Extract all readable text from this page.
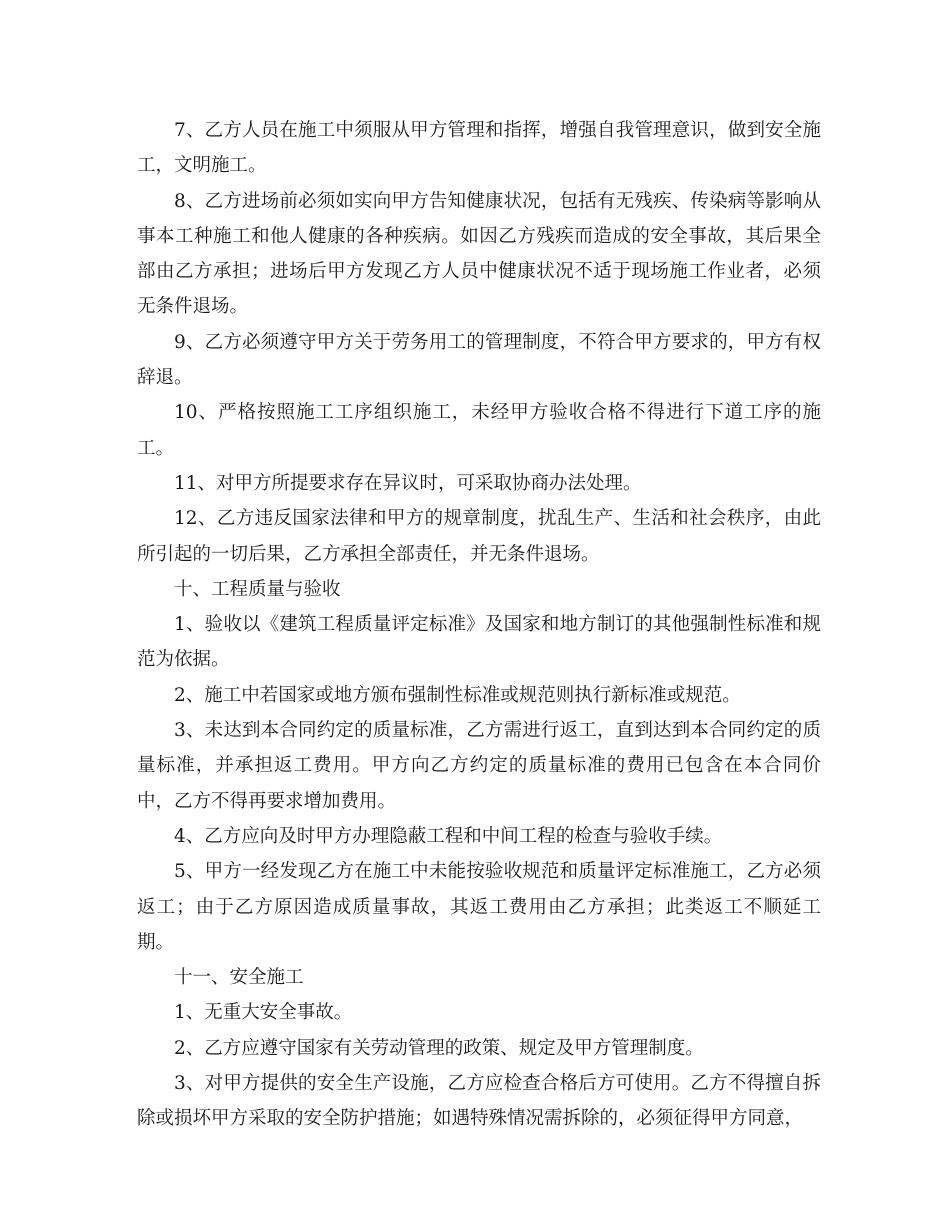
7、乙方人员在施工中须服从甲方管理和指挥，增强自我管理意识，做到安全施工，文明施工。

8、乙方进场前必须如实向甲方告知健康状况，包括有无残疾、传染病等影响从事本工种施工和他人健康的各种疾病。如因乙方残疾而造成的安全事故，其后果全部由乙方承担；进场后甲方发现乙方人员中健康状况不适于现场施工作业者，必须无条件退场。

9、乙方必须遵守甲方关于劳务用工的管理制度，不符合甲方要求的，甲方有权辞退。

10、严格按照施工工序组织施工，未经甲方验收合格不得进行下道工序的施工。

11、对甲方所提要求存在异议时，可采取协商办法处理。

12、乙方违反国家法律和甲方的规章制度，扰乱生产、生活和社会秩序，由此所引起的一切后果，乙方承担全部责任，并无条件退场。

十、工程质量与验收

1、验收以《建筑工程质量评定标准》及国家和地方制订的其他强制性标准和规范为依据。

2、施工中若国家或地方颁布强制性标准或规范则执行新标准或规范。

3、未达到本合同约定的质量标准，乙方需进行返工，直到达到本合同约定的质量标准，并承担返工费用。甲方向乙方约定的质量标准的费用已包含在本合同价中，乙方不得再要求增加费用。

4、乙方应向及时甲方办理隐蔽工程和中间工程的检查与验收手续。

5、甲方一经发现乙方在施工中未能按验收规范和质量评定标准施工，乙方必须返工；由于乙方原因造成质量事故，其返工费用由乙方承担；此类返工不顺延工期。

十一、安全施工

1、无重大安全事故。

2、乙方应遵守国家有关劳动管理的政策、规定及甲方管理制度。

3、对甲方提供的安全生产设施，乙方应检查合格后方可使用。乙方不得擅自拆除或损坏甲方采取的安全防护措施；如遇特殊情况需拆除的，必须征得甲方同意，
